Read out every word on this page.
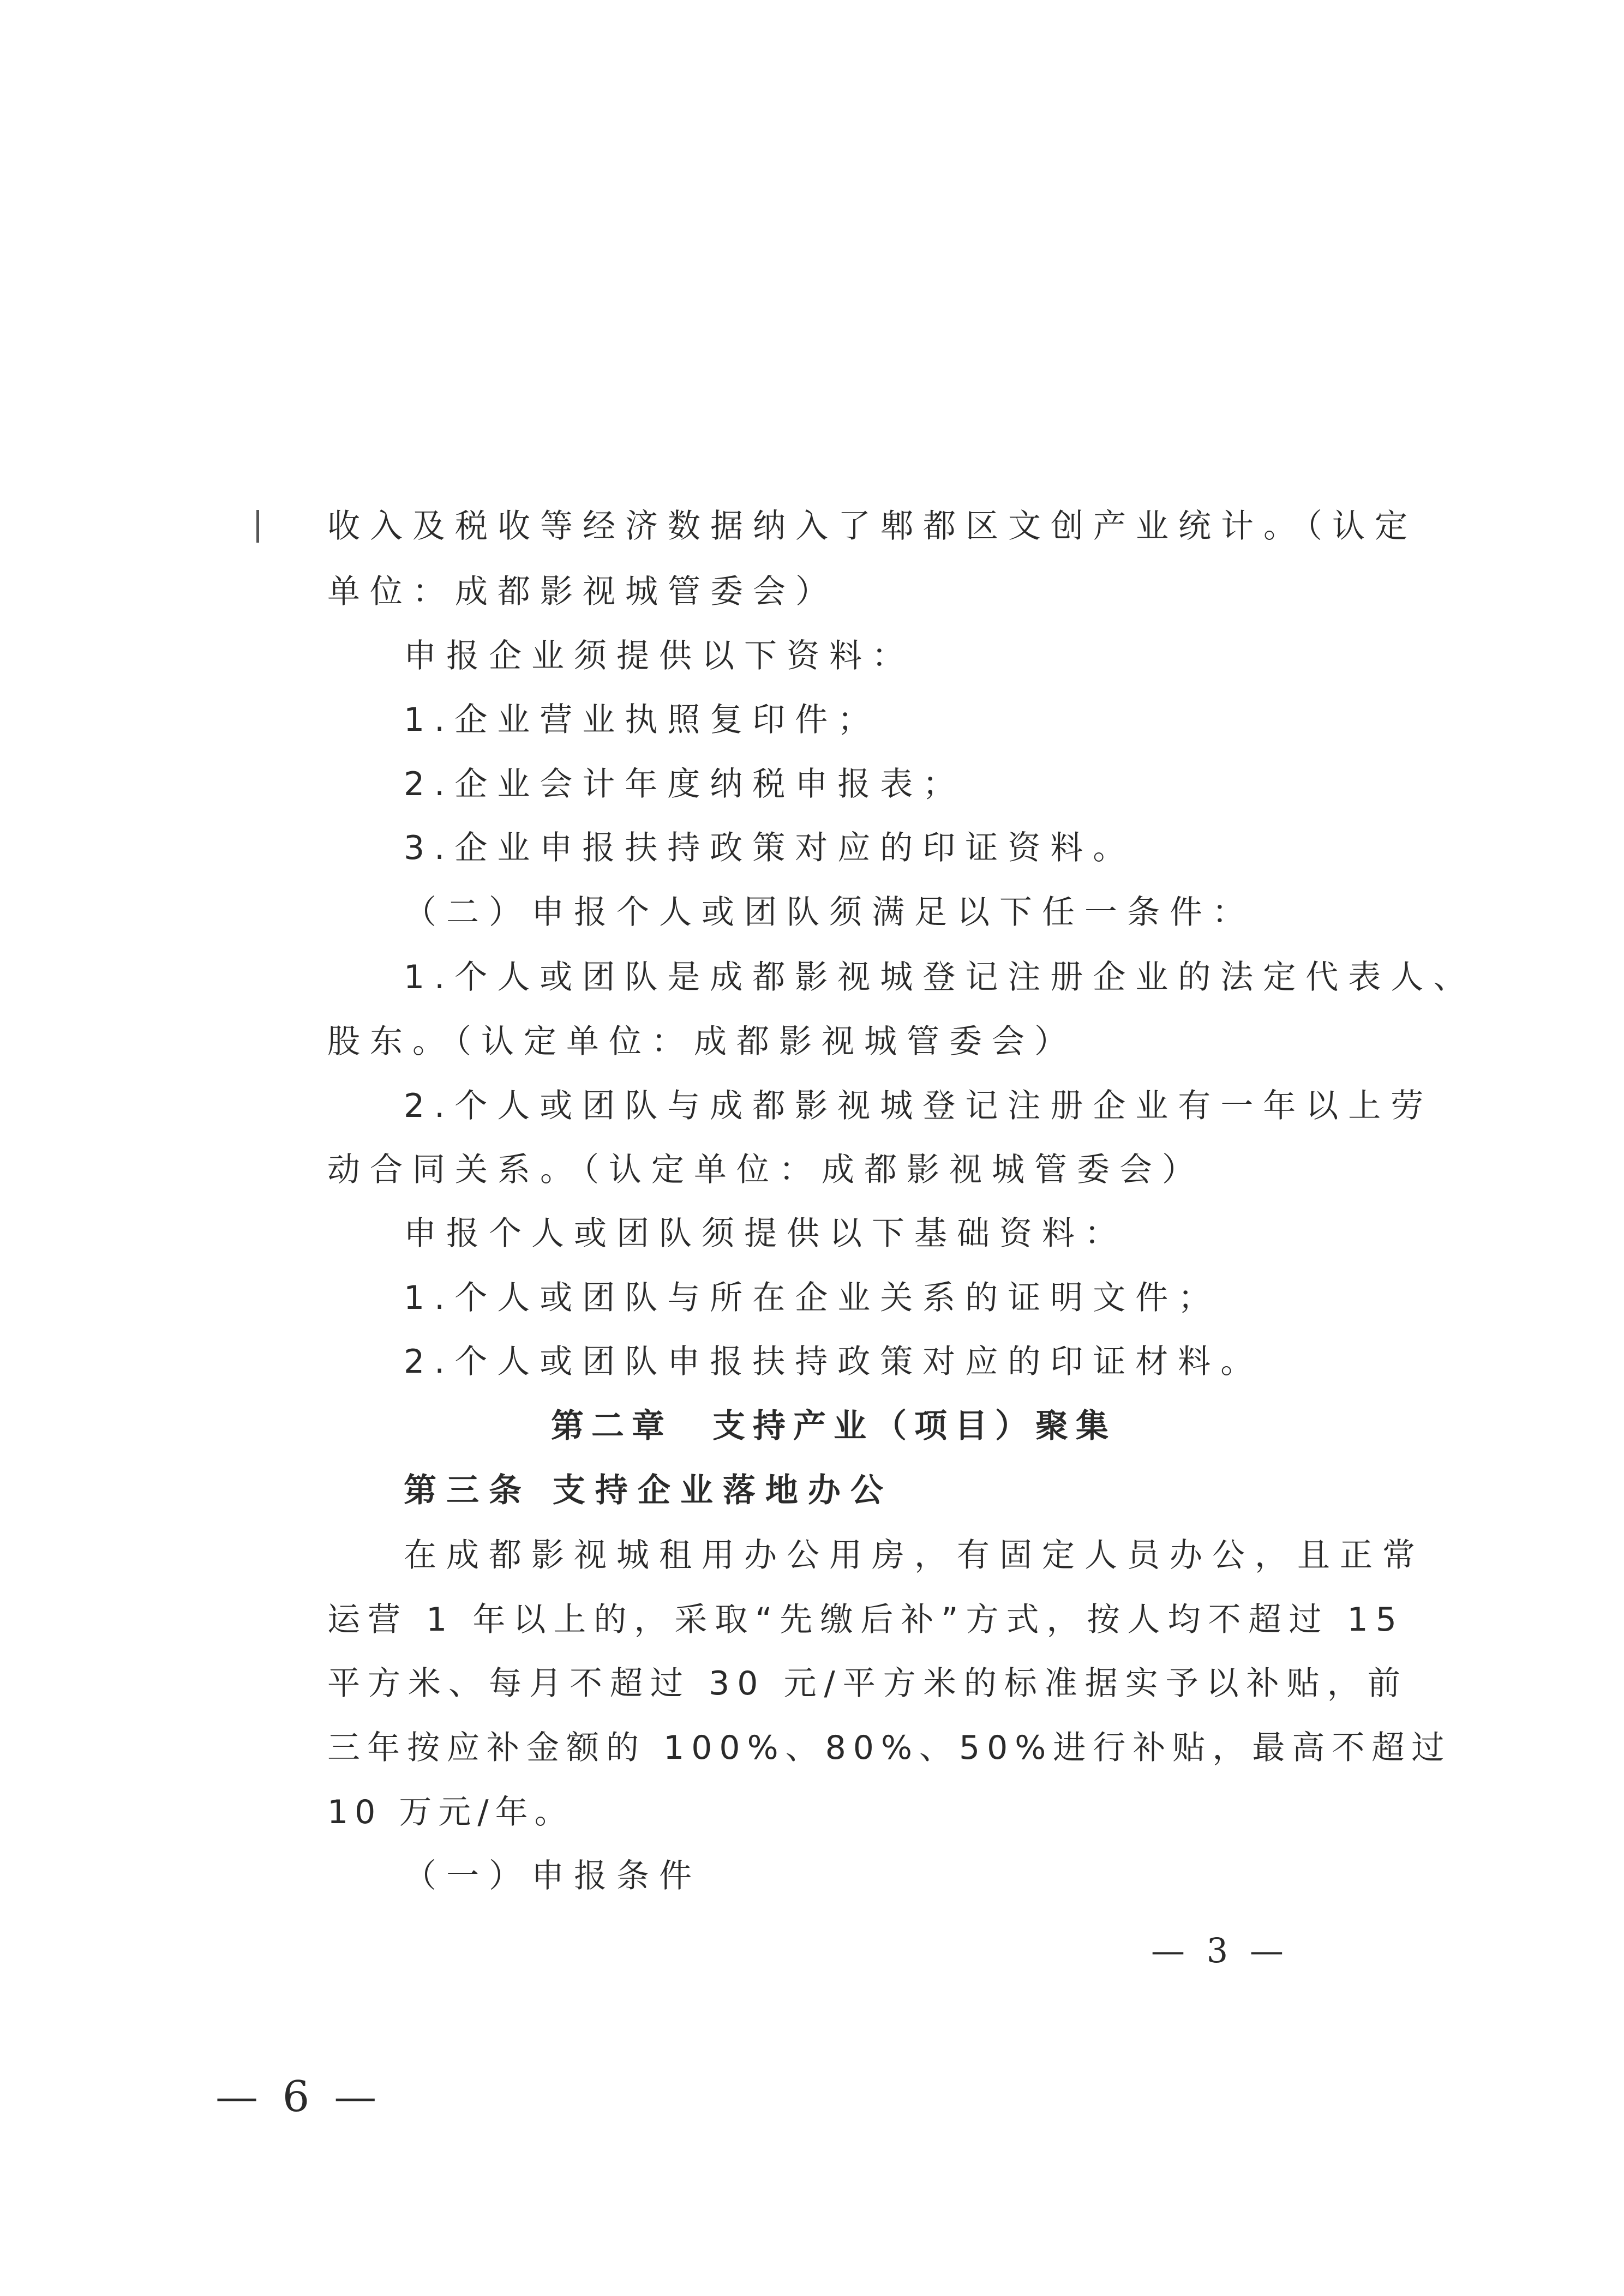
收入及税收等经济数据纳入了郫都区文创产业统计。（认定
单位：成都影视城管委会）
申报企业须提供以下资料：
1.企业营业执照复印件；
2.企业会计年度纳税申报表；
3.企业申报扶持政策对应的印证资料。
（二）申报个人或团队须满足以下任一条件：
1.个人或团队是成都影视城登记注册企业的法定代表人、
股东。（认定单位：成都影视城管委会）
2.个人或团队与成都影视城登记注册企业有一年以上劳
动合同关系。（认定单位：成都影视城管委会）
申报个人或团队须提供以下基础资料：
1.个人或团队与所在企业关系的证明文件；
2.个人或团队申报扶持政策对应的印证材料。
第二章　支持产业（项目）聚集
第三条 支持企业落地办公
在成都影视城租用办公用房，有固定人员办公，且正常
运营 1 年以上的，采取“先缴后补”方式，按人均不超过 15
平方米、每月不超过 30 元/平方米的标准据实予以补贴，前
三年按应补金额的 100%、80%、50%进行补贴，最高不超过
10 万元/年。
（一）申报条件
— 3 —
— 6 —
